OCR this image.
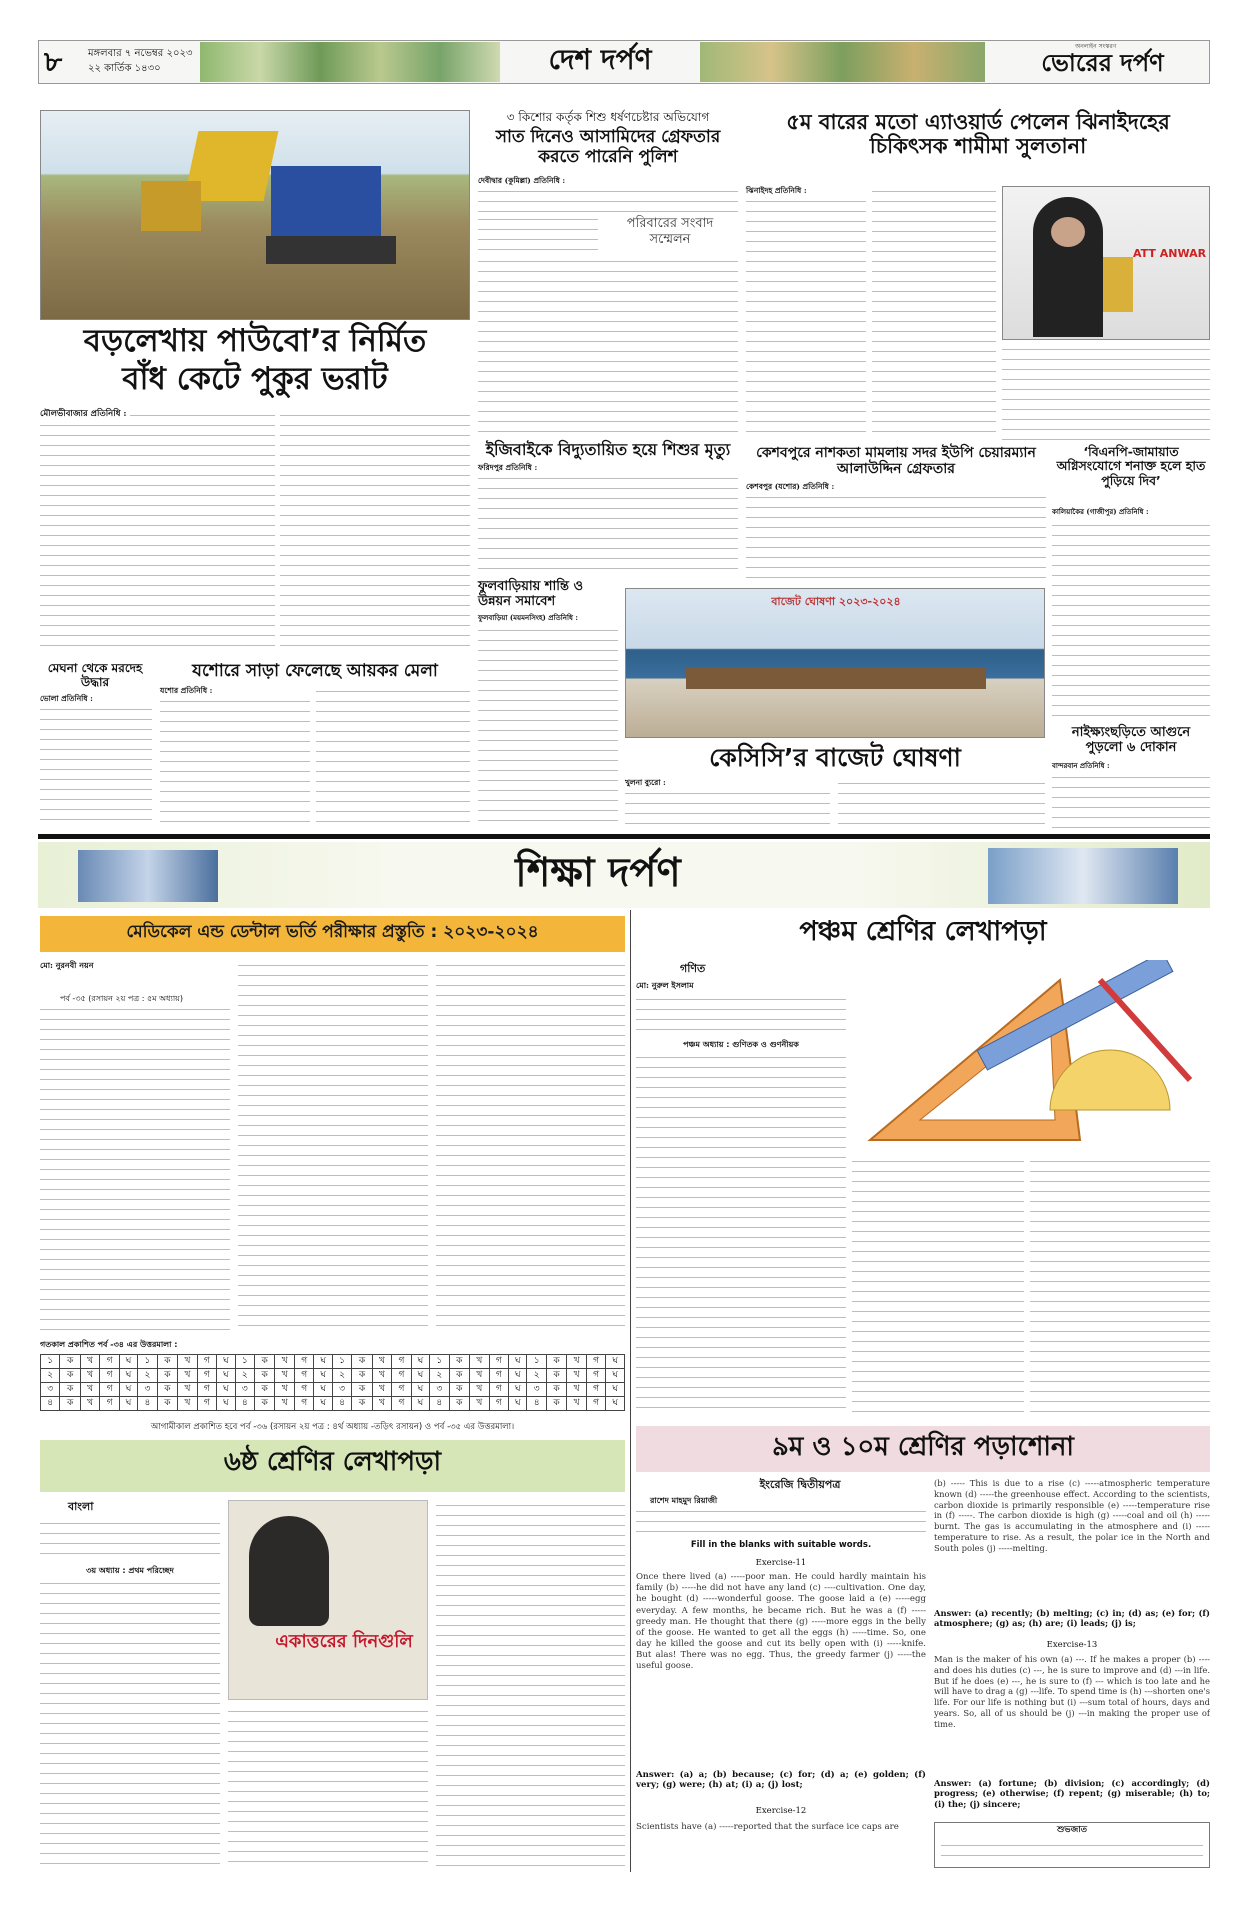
৮	মঙ্গলবার ৭ নভেম্বর ২০২৩
২২ কার্তিক ১৪৩০	দেশ দর্পণ	অনলাইন সংস্করণ
ভোরের দর্পণ
বড়লেখায় পাউবো’র নির্মিত
বাঁধ কেটে পুকুর ভরাট
মৌলভীবাজার প্রতিনিধি :
মেঘনা থেকে মরদেহ উদ্ধার
ভোলা প্রতিনিধি :
যশোরে সাড়া ফেলেছে আয়কর মেলা
যশোর প্রতিনিধি :
৩ কিশোর কর্তৃক শিশু ধর্ষণচেষ্টার অভিযোগ
সাত দিনেও আসামিদের গ্রেফতার করতে পারেনি পুলিশ
দেবীদ্বার (কুমিল্লা) প্রতিনিধি :
পরিবারের সংবাদ সম্মেলন
ইজিবাইকে বিদ্যুতায়িত হয়ে শিশুর মৃত্যু
ফরিদপুর প্রতিনিধি :
ফুলবাড়িয়ায় শান্তি ও উন্নয়ন সমাবেশ
ফুলবাড়িয়া (ময়মনসিংহ) প্রতিনিধি :
৫ম বারের মতো এ্যাওয়ার্ড পেলেন ঝিনাইদহের চিকিৎসক শামীমা সুলতানা
ঝিনাইদহ প্রতিনিধি :
ATT ANWAR
কেশবপুরে নাশকতা মামলায় সদর ইউপি চেয়ারম্যান আলাউদ্দিন গ্রেফতার
কেশবপুর (যশোর) প্রতিনিধি :
‘বিএনপি-জামায়াত অগ্নিসংযোগে শনাক্ত হলে হাত পুড়িয়ে দিব’
কালিয়াকৈর (গাজীপুর) প্রতিনিধি :
বাজেট ঘোষণা ২০২৩-২০২৪
কেসিসি’র বাজেট ঘোষণা
খুলনা ব্যুরো :
নাইক্ষ্যংছড়িতে আগুনে পুড়লো ৬ দোকান
বান্দরবান প্রতিনিধি :
শিক্ষা দর্পণ
মেডিকেল এন্ড ডেন্টাল ভর্তি পরীক্ষার প্রস্তুতি : ২০২৩-২০২৪
মো: নুরনবী নয়ন
পর্ব -৩৫ (রসায়ন ২য় পত্র : ৫ম অধ্যায়)
গতকাল প্রকাশিত পর্ব -৩৪ এর উত্তরমালা :
১	ক	খ	গ	ঘ	১	ক	খ	গ	ঘ	১	ক	খ	গ	ঘ	১	ক	খ	গ	ঘ	১	ক	খ	গ	ঘ	১	ক	খ	গ	ঘ
২	ক	খ	গ	ঘ	২	ক	খ	গ	ঘ	২	ক	খ	গ	ঘ	২	ক	খ	গ	ঘ	২	ক	খ	গ	ঘ	২	ক	খ	গ	ঘ
৩	ক	খ	গ	ঘ	৩	ক	খ	গ	ঘ	৩	ক	খ	গ	ঘ	৩	ক	খ	গ	ঘ	৩	ক	খ	গ	ঘ	৩	ক	খ	গ	ঘ
৪	ক	খ	গ	ঘ	৪	ক	খ	গ	ঘ	৪	ক	খ	গ	ঘ	৪	ক	খ	গ	ঘ	৪	ক	খ	গ	ঘ	৪	ক	খ	গ	ঘ
আগামীকাল প্রকাশিত হবে পর্ব -৩৬ (রসায়ন ২য় পত্র : ৪র্থ অধ্যায় -তড়িৎ রসায়ন) ও পর্ব -৩৫ এর উত্তরমালা।
পঞ্চম শ্রেণির লেখাপড়া
গণিত
মো: নুরুল ইসলাম
পঞ্চম অধ্যায় : গুণিতক ও গুণনীয়ক
৬ষ্ঠ শ্রেণির লেখাপড়া
বাংলা
৩য় অধ্যায় : প্রথম পরিচ্ছেদ
একাত্তরের দিনগুলি
৯ম ও ১০ম শ্রেণির পড়াশোনা
ইংরেজি দ্বিতীয়পত্র
রাশেদ মাহমুদ রিয়াজী
Fill in the blanks with suitable words.
Exercise-11
Once there lived (a) -----poor man. He could hardly maintain his family (b) -----he did not have any land (c) ----cultivation. One day, he bought (d) -----wonderful goose. The goose laid a (e) -----egg everyday. A few months, he became rich. But he was a (f) -----greedy man. He thought that there (g) -----more eggs in the belly of the goose. He wanted to get all the eggs (h) -----time. So, one day he killed the goose and cut its belly open with (i) -----knife. But alas! There was no egg. Thus, the greedy farmer (j) -----the useful goose.
Answer: (a) a; (b) because; (c) for; (d) a; (e) golden; (f) very; (g) were; (h) at; (i) a; (j) lost;
Exercise-12
Scientists have (a) -----reported that the surface ice caps are
(b) ----- This is due to a rise (c) -----atmospheric temperature known (d) -----the greenhouse effect. According to the scientists, carbon dioxide is primarily responsible (e) -----temperature rise in (f) -----. The carbon dioxide is high (g) -----coal and oil (h) -----burnt. The gas is accumulating in the atmosphere and (i) -----temperature to rise. As a result, the polar ice in the North and South poles (j) -----melting.
Answer: (a) recently; (b) melting; (c) in; (d) as; (e) for; (f) atmosphere; (g) as; (h) are; (i) leads; (j) is;
Exercise-13
Man is the maker of his own (a) ---. If he makes a proper (b) ---- and does his duties (c) ---, he is sure to improve and (d) ---in life. But if he does (e) ---, he is sure to (f) --- which is too late and he will have to drag a (g) ---life. To spend time is (h) ---shorten one's life. For our life is nothing but (i) ---sum total of hours, days and years. So, all of us should be (j) ---in making the proper use of time.
Answer: (a) fortune; (b) division; (c) accordingly; (d) progress; (e) otherwise; (f) repent; (g) miserable; (h) to; (i) the; (j) sincere;
শুভজাত
